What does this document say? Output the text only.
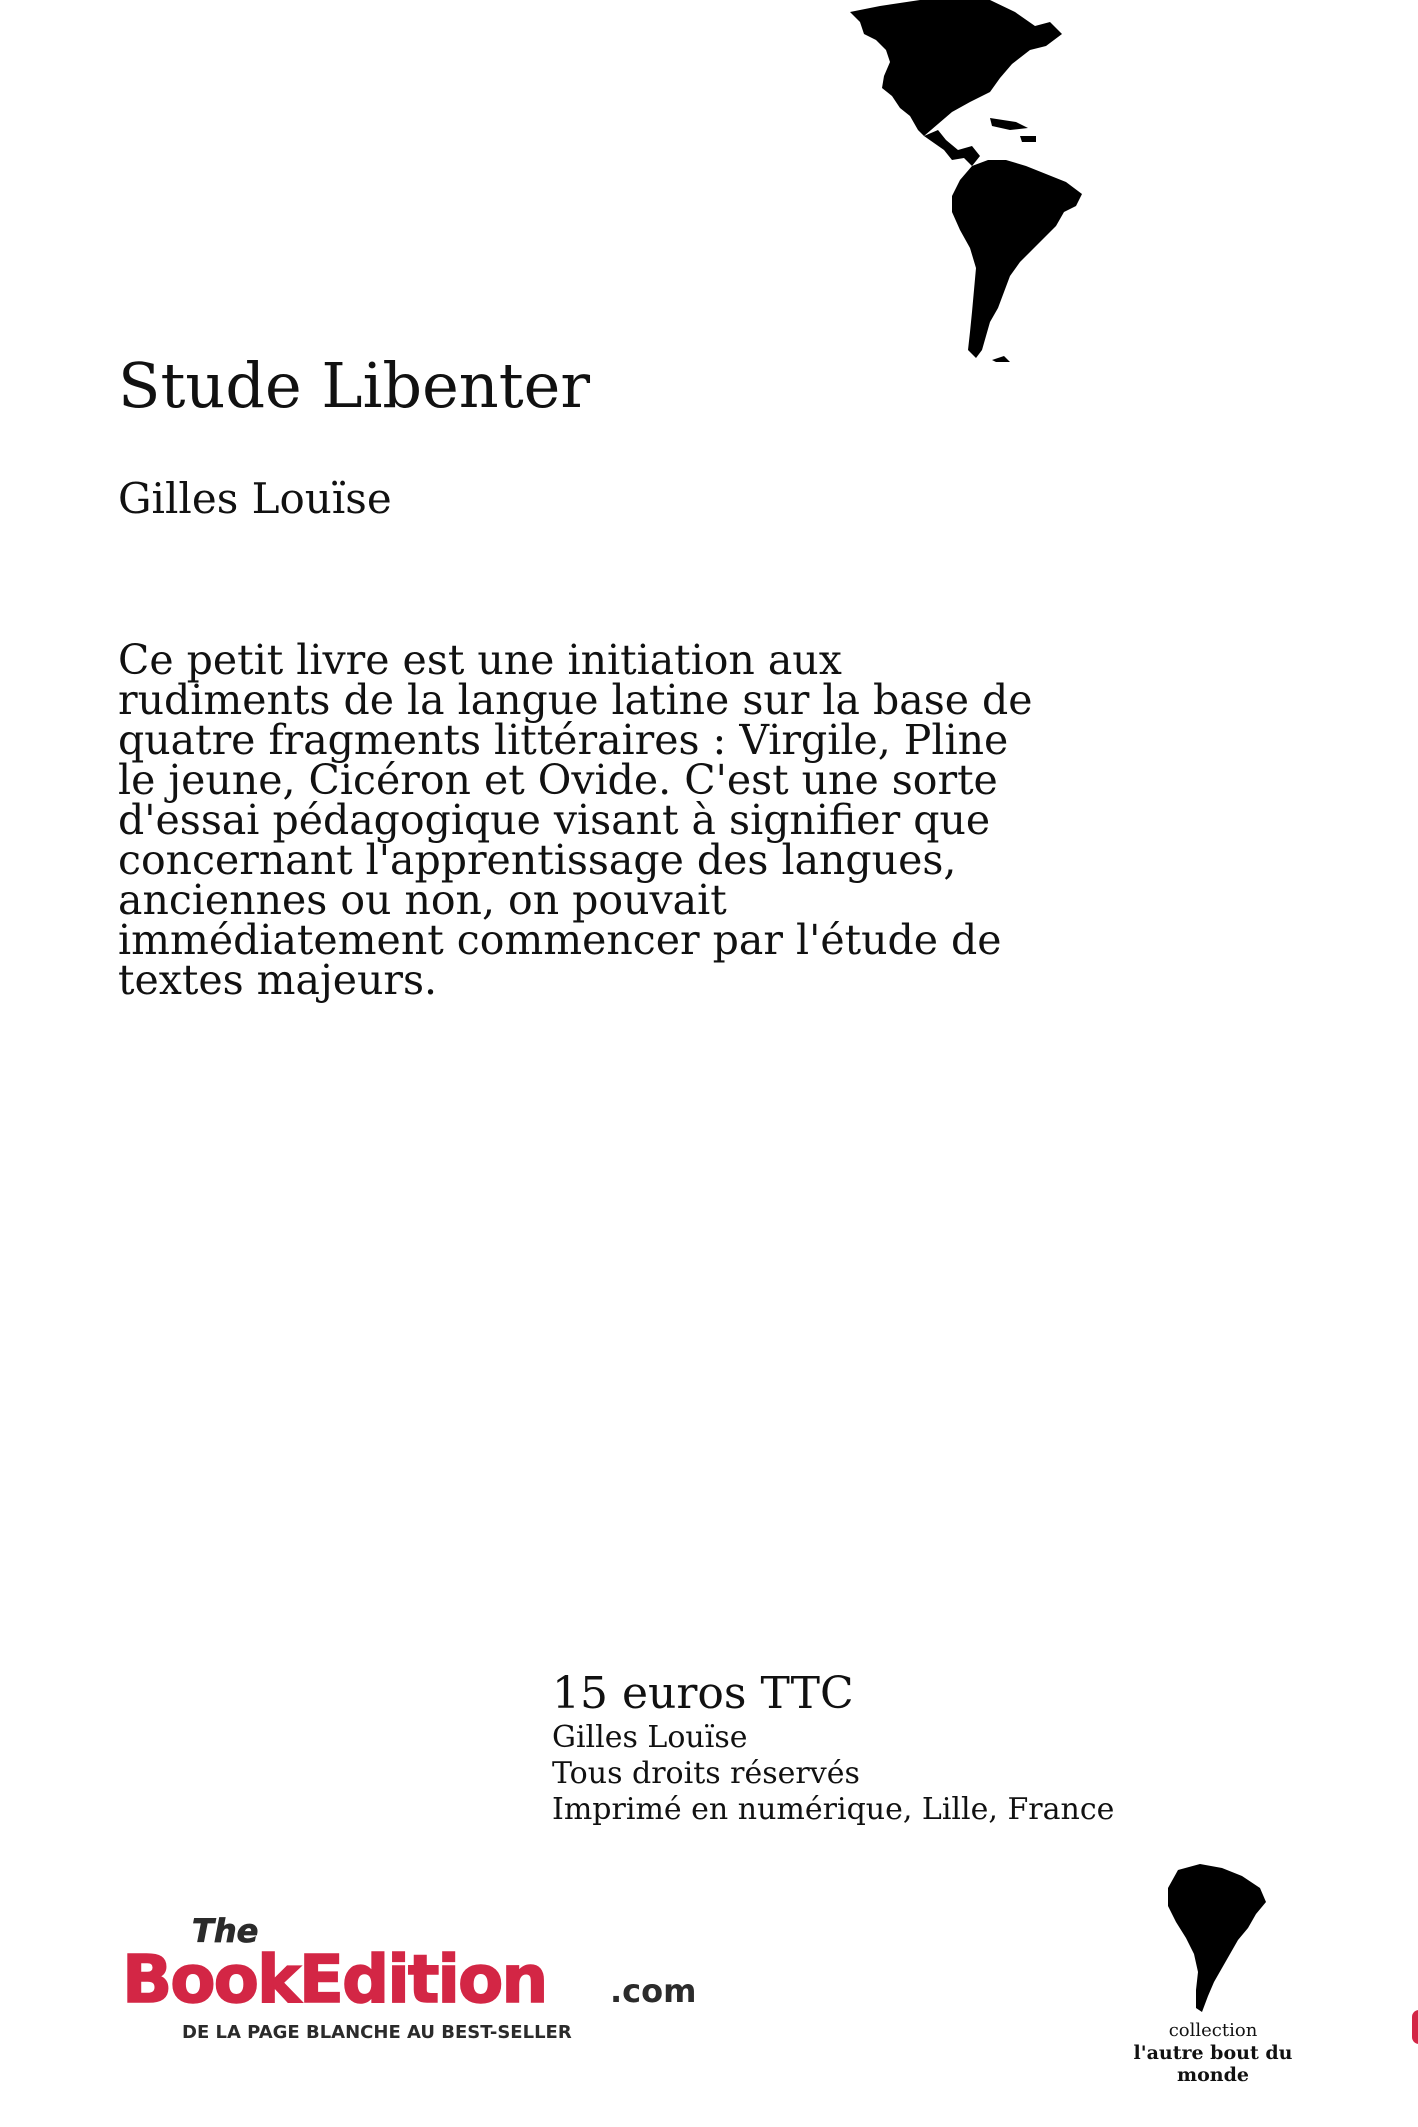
Stude Libenter
Gilles Louïse
Ce petit livre est une initiation aux rudiments de la langue latine sur la base de quatre fragments littéraires : Virgile, Pline le jeune, Cicéron et Ovide. C'est une sorte d'essai pédagogique visant à signifier que concernant l'apprentissage des langues, anciennes ou non, on pouvait immédiatement commencer par l'étude de textes majeurs.
15 euros TTC
Gilles Louïse
Tous droits réservés
Imprimé en numérique, Lille, France
The
BookEdition .com
DE LA PAGE BLANCHE AU BEST-SELLER	collection
l'autre bout du monde
